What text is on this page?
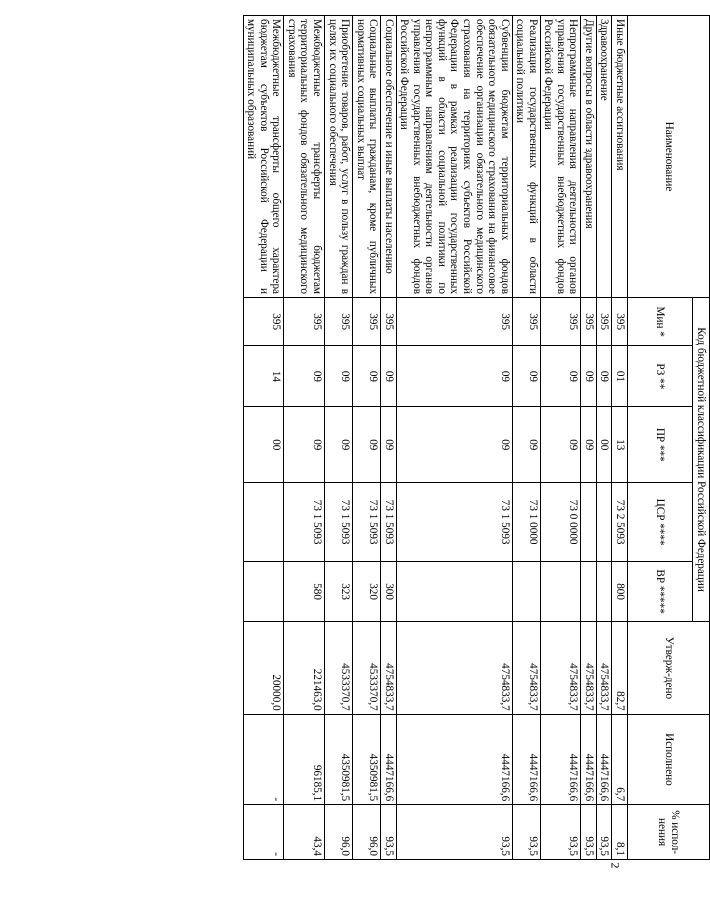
2
Наименование	Код бюджетной классификации Российской Федерации					Утверж-дено	Исполнено	% испол-нения
	Мин *	РЗ **	ПР ***	ЦСР ****	ВР *****			
Иные бюджетные ассигнования	395	01	13	73 2 5093	800	82,7	6,7	8,1
Здравоохранение	395	09	00			4754833,7	4447166,6	93,5
Другие вопросы в области здравоохранения	395	09	09			4754833,7	4447166,6	93,5
Непрограммные направления деятельности органов управления государственных внебюджетных фондов Российской Федерации	395	09	09	73 0 0000		4754833,7	4447166,6	93,5
Реализация государственных функций в области социальной политики	395	09	09	73 1 0000		4754833,7	4447166,6	93,5
Субвенции бюджетам территориальных фондов обязательного медицинского страхования на финансовое обеспечение организации обязательного медицинского страхования на территориях субъектов Российской Федерации в рамках реализации государственных функций в области социальной политики по непрограммным направлениям деятельности органов управления государственных внебюджетных фондов Российской Федерации	395	09	09	73 1 5093		4754833,7	4447166,6	93,5
Социальное обеспечение и иные выплаты населению	395	09	09	73 1 5093	300	4754833,7	4447166,6	93,5
Социальные выплаты гражданам, кроме публичных нормативных социальных выплат	395	09	09	73 1 5093	320	4533370,7	4350981,5	96,0
Приобретение товаров, работ, услуг в пользу граждан в целях их социального обеспечения	395	09	09	73 1 5093	323	4533370,7	4350981,5	96,0
Межбюджетные трансферты бюджетам территориальных фондов обязательного медицинского страхования	395	09	09	73 1 5093	580	221463,0	96185,1	43,4
Межбюджетные трансферты общего характера бюджетам субъектов Российской Федерации и муниципальных образований	395	14	00			20000,0	-	-
